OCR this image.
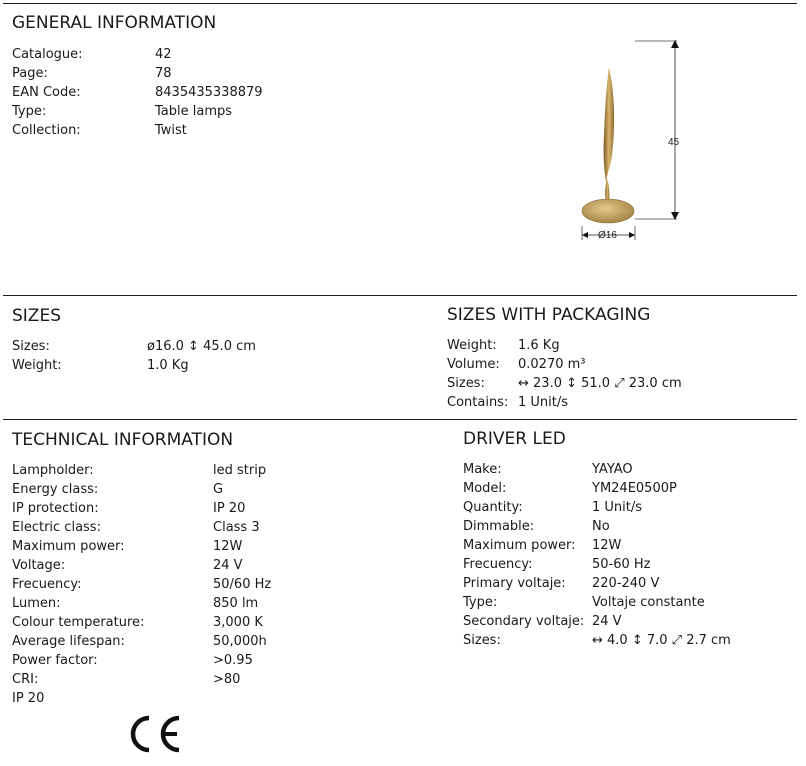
GENERAL INFORMATION
Catalogue:	42
Page:	78
EAN Code:	8435435338879
Type:	Table lamps
Collection:	Twist
45
Ø16
SIZES
Sizes:	ø16.0 ↕ 45.0 cm
Weight:	1.0 Kg
SIZES WITH PACKAGING
Weight: 1.6 Kg
Volume: 0.0270 m³
Sizes:	↔ 23.0 ↕ 51.0 ⤢ 23.0 cm
Contains: 1 Unit/s
TECHNICAL INFORMATION
Lampholder:	led strip
Energy class:	G
IP protection:	IP 20
Electric class:	Class 3
Maximum power:	12W
Voltage:	24 V
Frecuency:	50/60 Hz
Lumen:	850 lm
Colour temperature:	3,000 K
Average lifespan:	50,000h
Power factor:	>0.95
CRI:	>80
IP 20
DRIVER LED
Make:	YAYAO
Model:	YM24E0500P
Quantity:	1 Unit/s
Dimmable:	No
Maximum power: 12W
Frecuency:	50-60 Hz
Primary voltaje: 220-240 V
Type:	Voltaje constante
Secondary voltaje: 24 V
Sizes:	↔ 4.0 ↕ 7.0 ⤢ 2.7 cm
